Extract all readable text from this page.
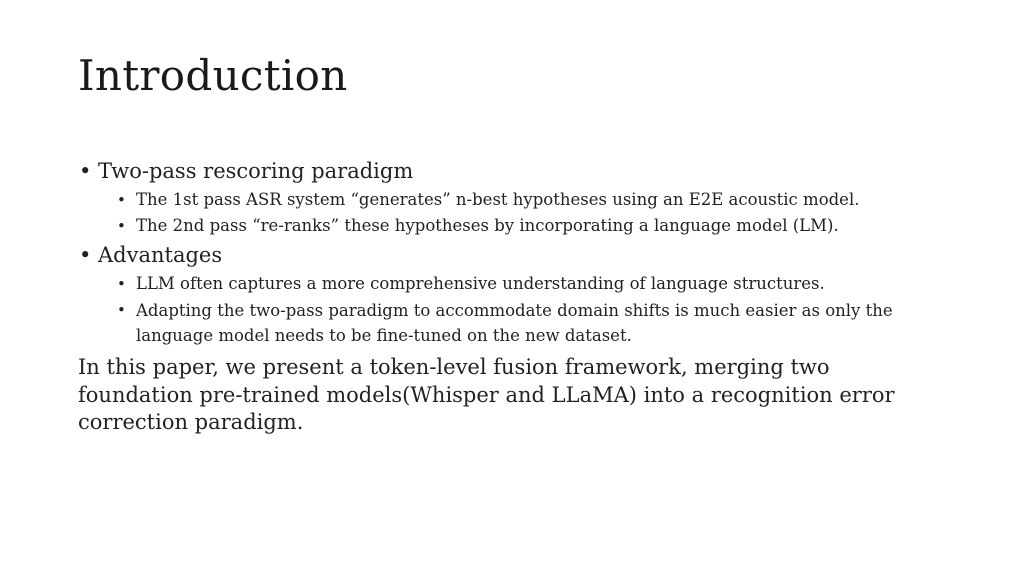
Introduction
• Two-pass rescoring paradigm
• The 1st pass ASR system “generates” n-best hypotheses using an E2E acoustic model.
• The 2nd pass “re-ranks” these hypotheses by incorporating a language model (LM).
• Advantages
• LLM often captures a more comprehensive understanding of language structures.
• Adapting the two-pass paradigm to accommodate domain shifts is much easier as only the language model needs to be fine-tuned on the new dataset.
In this paper, we present a token-level fusion framework, merging two foundation pre-trained models(Whisper and LLaMA) into a recognition error correction paradigm.
